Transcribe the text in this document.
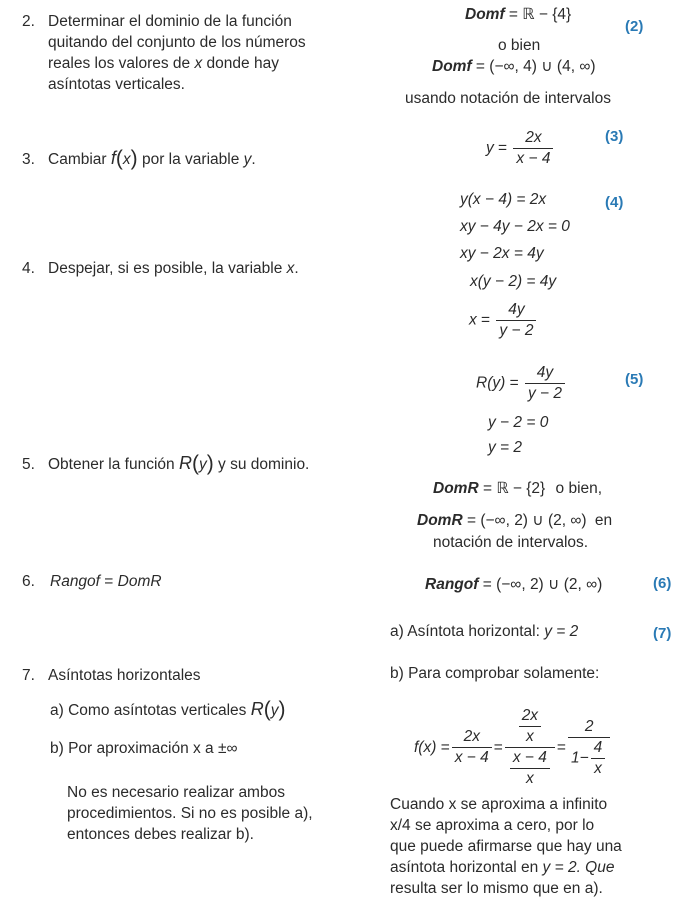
2. Determinar el dominio de la función
quitando del conjunto de los números
reales los valores de x donde hay
asíntotas verticales.
3. Cambiar f(x) por la variable y.
4. Despejar, si es posible, la variable x.
5. Obtener la función R(y) y su dominio.
6. Rangof = DomR
7. Asíntotas horizontales
a) Como asíntotas verticales R(y)
b) Por aproximación x a ±∞
No es necesario realizar ambos
procedimientos. Si no es posible a),
entonces debes realizar b).
Domf = ℝ − {4}
o bien
Domf = (−∞, 4) ∪ (4, ∞)
usando notación de intervalos
$y = \frac{2x}{x - 4}$
y(x − 4) = 2x
xy − 4y − 2x = 0
xy − 2x = 4y
x(y − 2) = 4y
$x = \frac{4y}{y - 2}$
$R(y) = \frac{4y}{y - 2}$
y − 2 = 0
y = 2
DomR = ℝ − {2} o bien,
DomR = (−∞, 2) ∪ (2, ∞) en
notación de intervalos.
Rangof = (−∞, 2) ∪ (2, ∞)
a) Asíntota horizontal: y = 2
b) Para comprobar solamente:
$f(x) = \frac{2x}{x - 4} = \frac{\frac{2x}{x}}{\frac{x - 4}{x}} = \frac{2}{1- \frac{4}{x}}$
Cuando x se aproxima a infinito
x/4 se aproxima a cero, por lo
que puede afirmarse que hay una
asíntota horizontal en y = 2. Que
resulta ser lo mismo que en a).
(2)
(3)
(4)
(5)
(6)
(7)
